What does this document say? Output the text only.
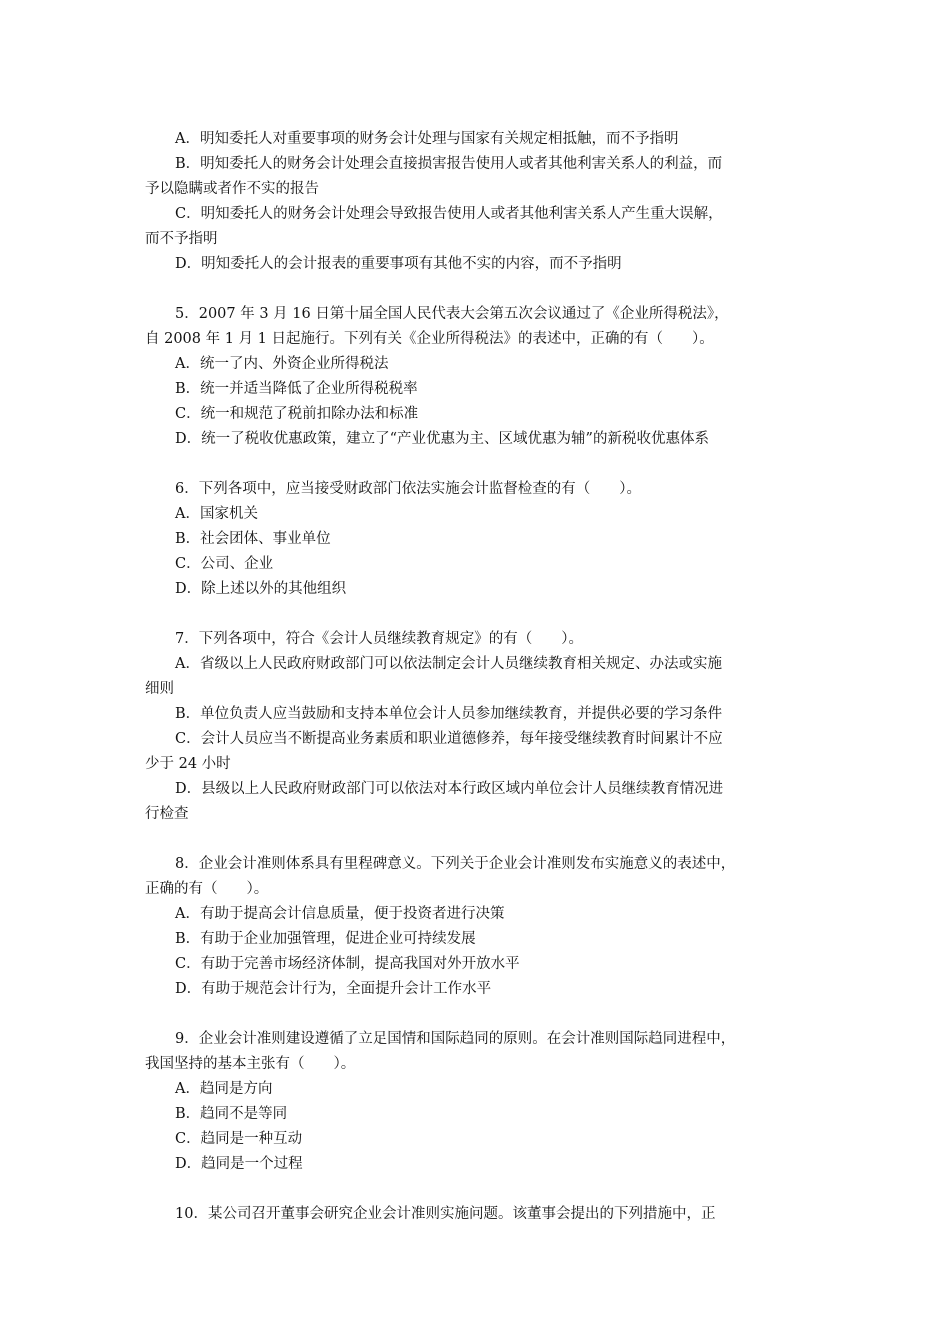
A．明知委托人对重要事项的财务会计处理与国家有关规定相抵触，而不予指明
B．明知委托人的财务会计处理会直接损害报告使用人或者其他利害关系人的利益，而
予以隐瞒或者作不实的报告
C．明知委托人的财务会计处理会导致报告使用人或者其他利害关系人产生重大误解，
而不予指明
D．明知委托人的会计报表的重要事项有其他不实的内容，而不予指明
5．2007 年 3 月 16 日第十届全国人民代表大会第五次会议通过了《企业所得税法》，
自 2008 年 1 月 1 日起施行。下列有关《企业所得税法》的表述中，正确的有（　　）。
A．统一了内、外资企业所得税法
B．统一并适当降低了企业所得税税率
C．统一和规范了税前扣除办法和标准
D．统一了税收优惠政策，建立了“产业优惠为主、区域优惠为辅”的新税收优惠体系
6．下列各项中，应当接受财政部门依法实施会计监督检查的有（　　）。
A．国家机关
B．社会团体、事业单位
C．公司、企业
D．除上述以外的其他组织
7．下列各项中，符合《会计人员继续教育规定》的有（　　）。
A．省级以上人民政府财政部门可以依法制定会计人员继续教育相关规定、办法或实施
细则
B．单位负责人应当鼓励和支持本单位会计人员参加继续教育，并提供必要的学习条件
C．会计人员应当不断提高业务素质和职业道德修养，每年接受继续教育时间累计不应
少于 24 小时
D．县级以上人民政府财政部门可以依法对本行政区域内单位会计人员继续教育情况进
行检查
8．企业会计准则体系具有里程碑意义。下列关于企业会计准则发布实施意义的表述中，
正确的有（　　）。
A．有助于提高会计信息质量，便于投资者进行决策
B．有助于企业加强管理，促进企业可持续发展
C．有助于完善市场经济体制，提高我国对外开放水平
D．有助于规范会计行为，全面提升会计工作水平
9．企业会计准则建设遵循了立足国情和国际趋同的原则。在会计准则国际趋同进程中，
我国坚持的基本主张有（　　）。
A．趋同是方向
B．趋同不是等同
C．趋同是一种互动
D．趋同是一个过程
10．某公司召开董事会研究企业会计准则实施问题。该董事会提出的下列措施中，正
